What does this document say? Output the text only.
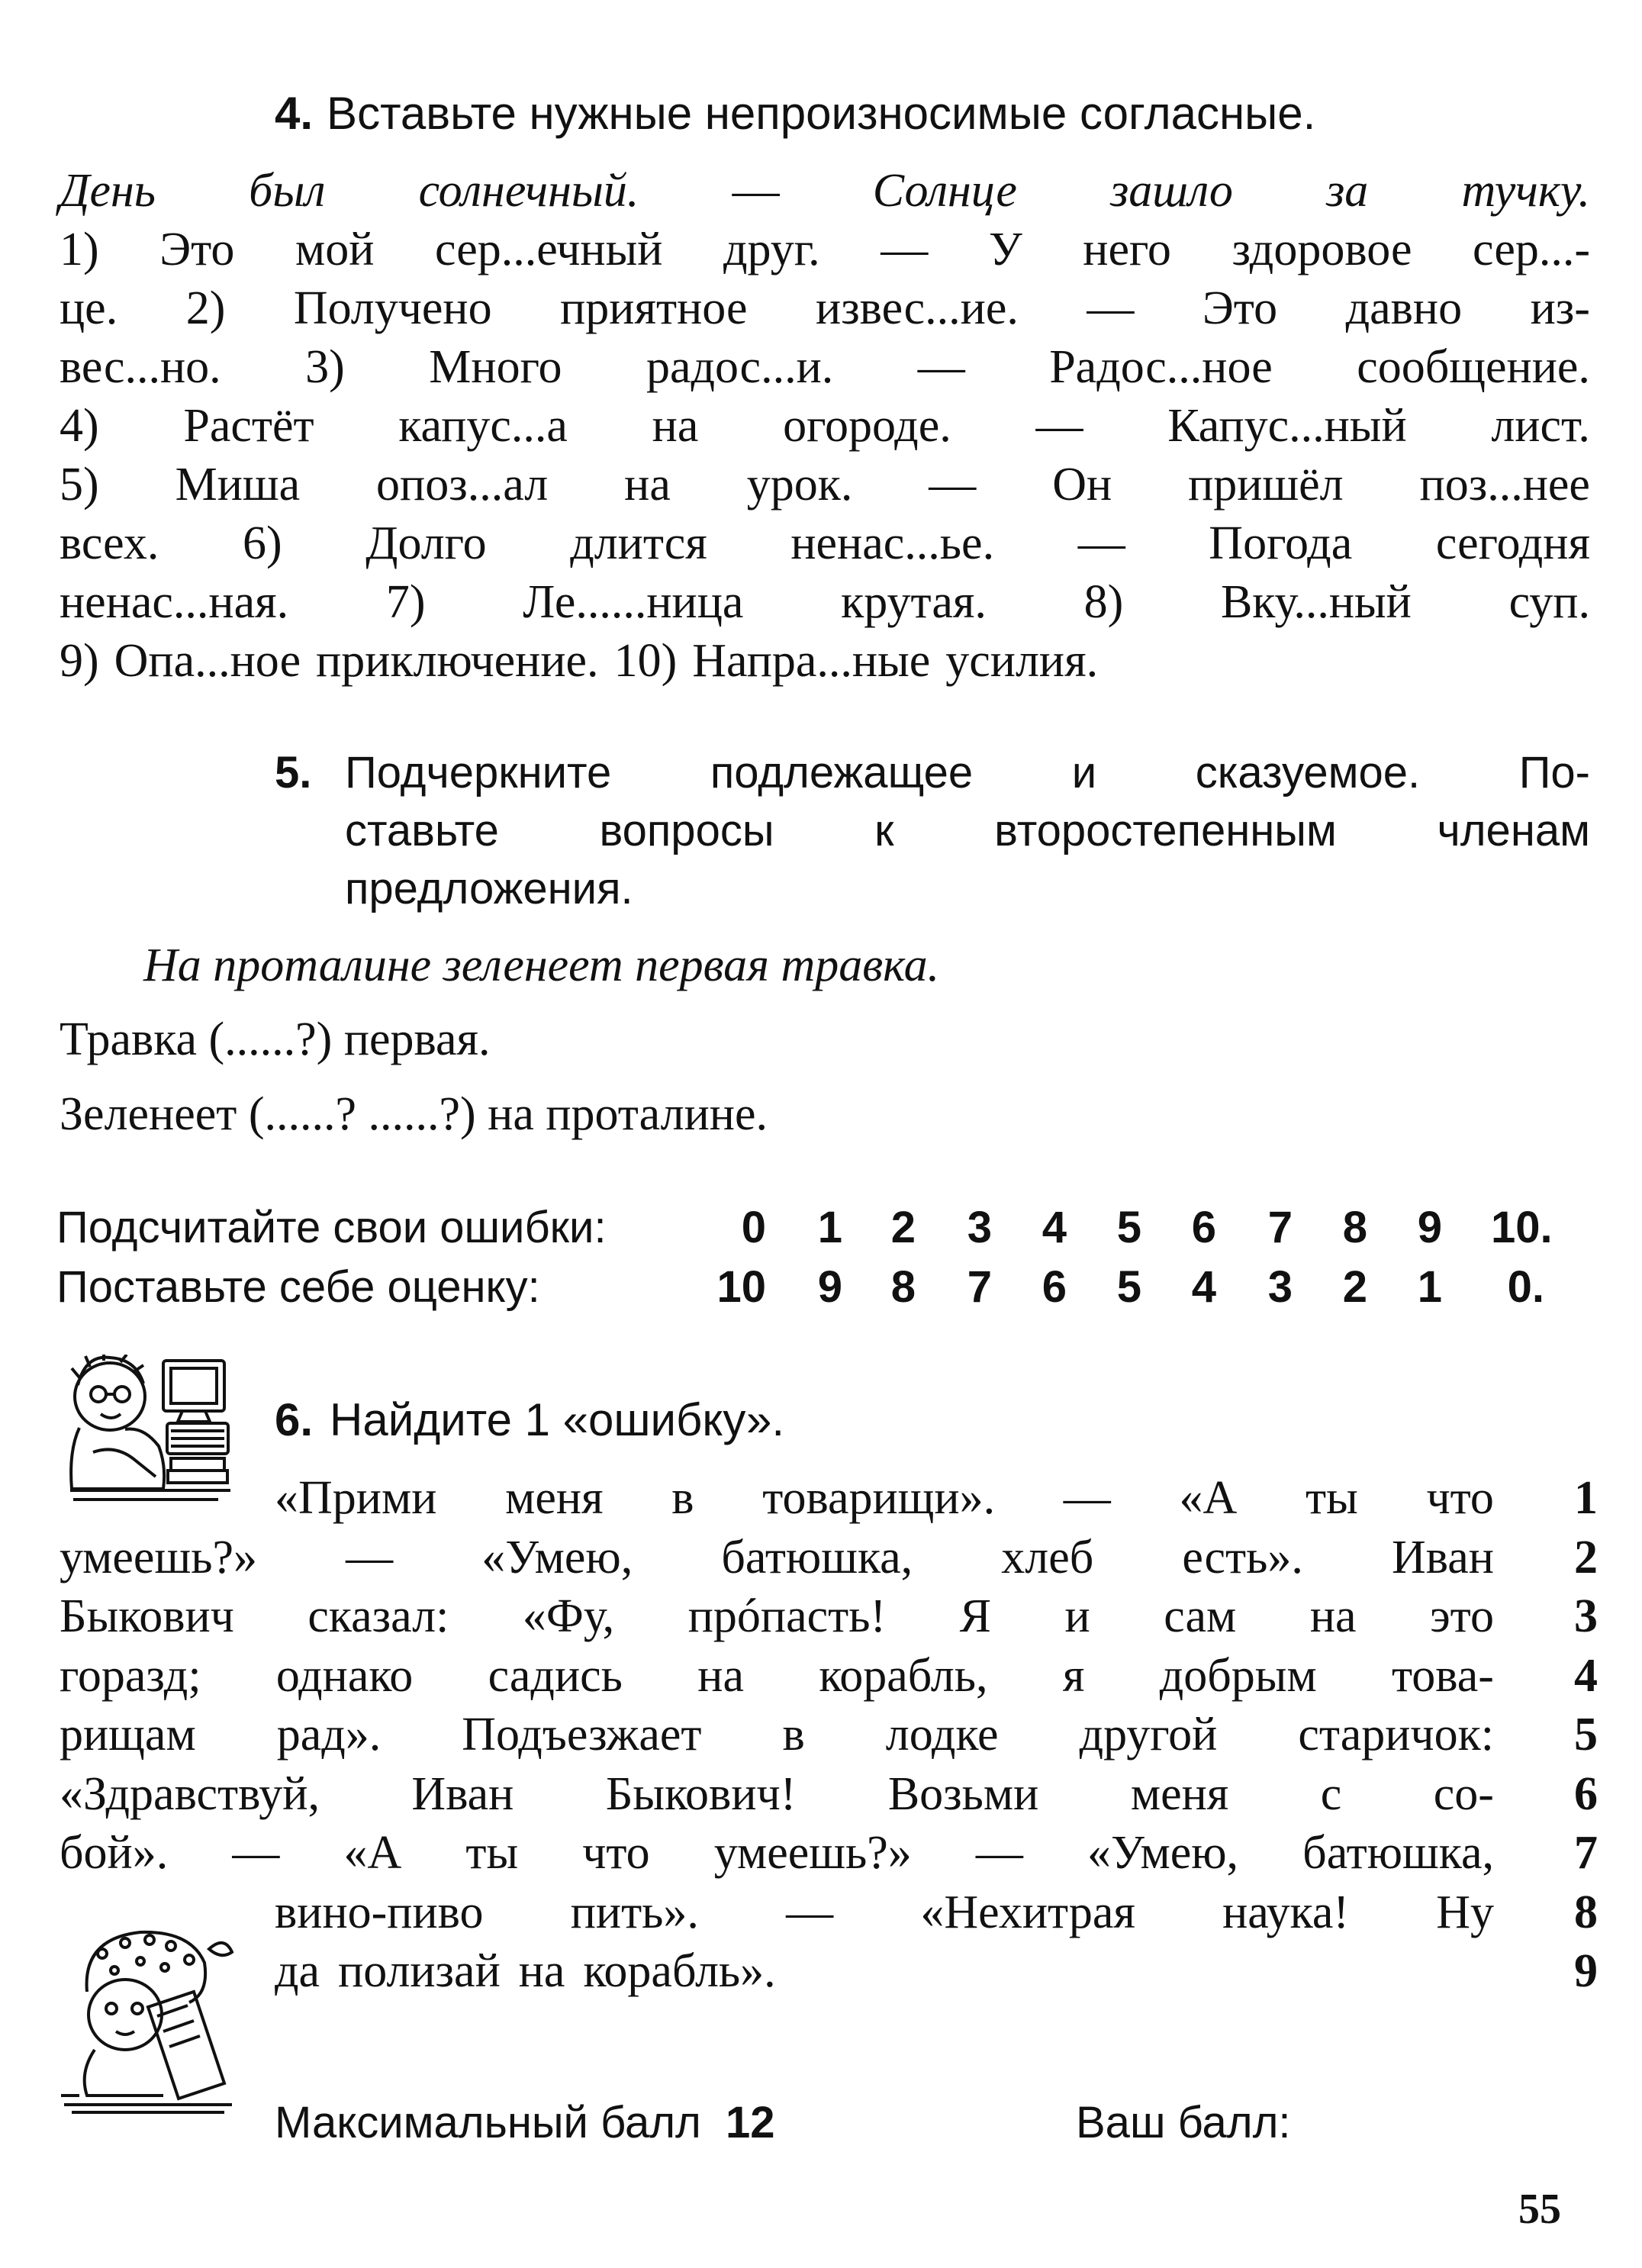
4. Вставьте нужные непроизносимые согласные.
День был солнечный. — Солнце зашло за тучку.
1) Это мой сер...ечный друг. — У него здоровое сер...-
це. 2) Получено приятное извес...ие. — Это давно из-
вес...но. 3) Много радос...и. — Радос...ное сообщение.
4) Растёт капус...а на огороде. — Капус...ный лист.
5) Миша опоз...ал на урок. — Он пришёл поз...нее
всех. 6) Долго длится ненас...ье. — Погода сегодня
ненас...ная. 7) Ле......ница крутая. 8) Вку...ный суп.
9) Опа...ное приключение. 10) Напра...ные усилия.
5. Подчеркните подлежащее и сказуемое. По-
ставьте вопросы к второстепенным членам
предложения.
На проталине зеленеет первая травка.
Травка (......?) первая.
Зеленеет (......? ......?) на проталине.
Подсчитайте свои ошибки:	0	1	2	3	4	5	6	7	8	9 10.
Поставьте себе оценку:	10	9	8	7	6	5	4	3	2	1	0.
6. Найдите 1 «ошибку».
«Прими меня в товарищи». — «А ты что	1
умеешь?» — «Умею, батюшка, хлеб есть». Иван	2
Быкович сказал: «Фу, прóпасть! Я и сам на это	3
горазд; однако садись на корабль, я добрым това-	4
рищам рад». Подъезжает в лодке другой старичок:	5
«Здравствуй, Иван Быкович! Возьми меня с со-	6
бой». — «А ты что умеешь?» — «Умею, батюшка,	7
вино-пиво пить». — «Нехитрая наука! Ну	8
да полизай на корабль».	9
Максимальный балл 12	Ваш балл:
55
